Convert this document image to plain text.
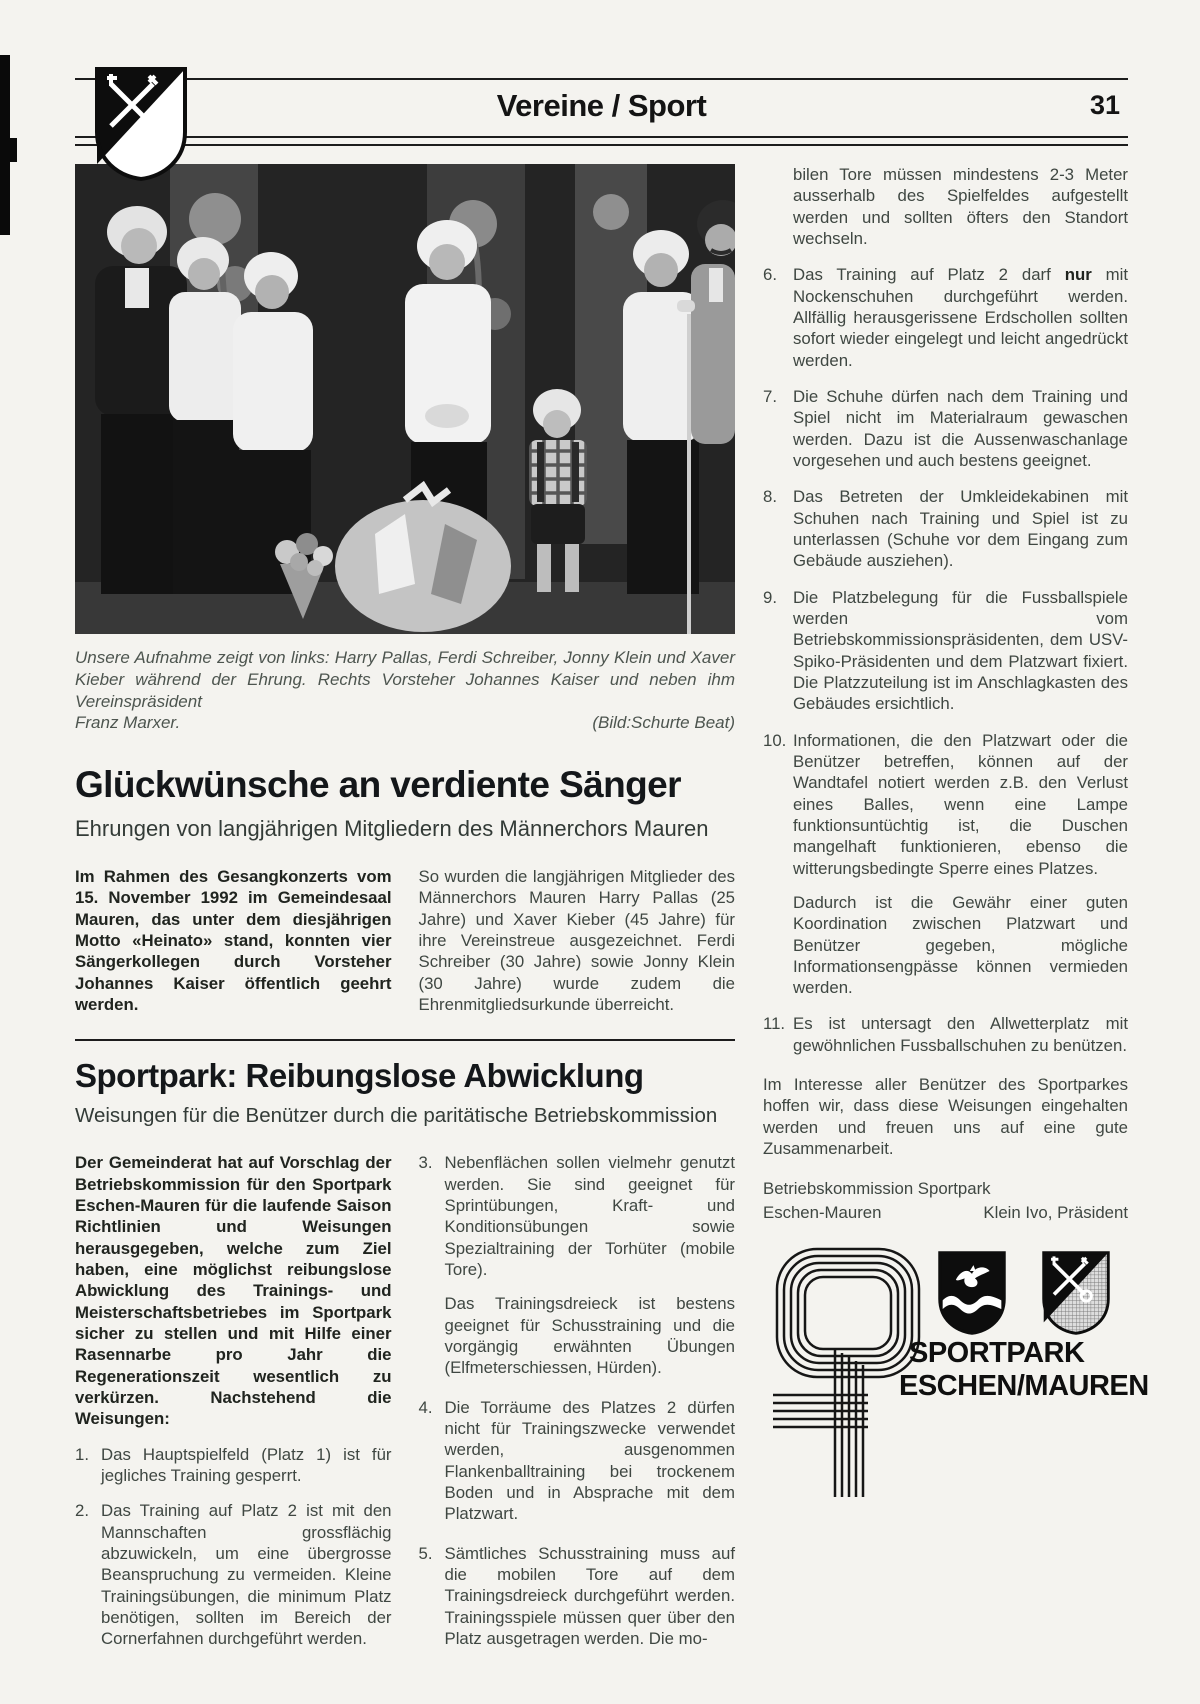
Vereine / Sport	31

Unsere Aufnahme zeigt von links: Harry Pallas, Ferdi Schreiber, Jonny Klein und Xaver Kieber während der Ehrung. Rechts Vorsteher Johannes Kaiser und neben ihm Vereinspräsident

Franz Marxer.	(Bild:Schurte Beat)
Glückwünsche an verdiente Sänger

Ehrungen von langjährigen Mitgliedern des Männerchors Mauren

Im Rahmen des Gesangkonzerts vom 15. November 1992 im Gemeindesaal Mauren, das unter dem diesjährigen Motto «Heinato» stand, konnten vier Sängerkollegen durch Vorsteher Johannes Kaiser öffentlich geehrt werden.

So wurden die langjährigen Mitglieder des Männerchors Mauren Harry Pallas (25 Jahre) und Xaver Kieber (45 Jahre) für ihre Vereinstreue ausgezeichnet. Ferdi Schreiber (30 Jahre) sowie Jonny Klein (30 Jahre) wurde zudem die Ehrenmitgliedsurkunde überreicht.

Sportpark: Reibungslose Abwicklung

Weisungen für die Benützer durch die paritätische Betriebskommission

Der Gemeinderat hat auf Vorschlag der Betriebskommission für den Sportpark Eschen-Mauren für die laufende Saison Richtlinien und Weisungen herausgegeben, welche zum Ziel haben, eine möglichst reibungslose Abwicklung des Trainings- und Meisterschaftsbetriebes im Sportpark sicher zu stellen und mit Hilfe einer Rasennarbe pro Jahr die Regenerationszeit wesentlich zu verkürzen. Nachstehend die Weisungen:

1. Das Hauptspielfeld (Platz 1) ist für jegliches Training gesperrt.

2. Das Training auf Platz 2 ist mit den Mannschaften grossflächig abzuwickeln, um eine übergrosse Beanspruchung zu vermeiden. Kleine Trainingsübungen, die minimum Platz benötigen, sollten im Bereich der Cornerfahnen durchgeführt werden.

3. Nebenflächen sollen vielmehr genutzt werden. Sie sind geeignet für Sprintübungen, Kraft- und Konditionsübungen sowie Spezialtraining der Torhüter (mobile Tore).

Das Trainingsdreieck ist bestens geeignet für Schusstraining und die vorgängig erwähnten Übungen (Elfmeterschiessen, Hürden).

4. Die Torräume des Platzes 2 dürfen nicht für Trainingszwecke verwendet werden, ausgenommen Flankenballtraining bei trockenem Boden und in Absprache mit dem Platzwart.

5. Sämtliches Schusstraining muss auf die mobilen Tore auf dem Trainingsdreieck durchgeführt werden. Trainingsspiele müssen quer über den Platz ausgetragen werden. Die mo-

bilen Tore müssen mindestens 2-3 Meter ausserhalb des Spielfeldes aufgestellt werden und sollten öfters den Standort wechseln.

6. Das Training auf Platz 2 darf nur mit Nockenschuhen durchgeführt werden. Allfällig herausgerissene Erdschollen sollten sofort wieder eingelegt und leicht angedrückt werden.

7. Die Schuhe dürfen nach dem Training und Spiel nicht im Materialraum gewaschen werden. Dazu ist die Aussenwaschanlage vorgesehen und auch bestens geeignet.

8. Das Betreten der Umkleidekabinen mit Schuhen nach Training und Spiel ist zu unterlassen (Schuhe vor dem Eingang zum Gebäude ausziehen).

9. Die Platzbelegung für die Fussballspiele werden vom Betriebskommissionspräsidenten, dem USV-Spiko-Präsidenten und dem Platzwart fixiert. Die Platzzuteilung ist im Anschlagkasten des Gebäudes ersichtlich.

10. Informationen, die den Platzwart oder die Benützer betreffen, können auf der Wandtafel notiert werden z.B. den Verlust eines Balles, wenn eine Lampe funktionsuntüchtig ist, die Duschen mangelhaft funktionieren, ebenso die witterungsbedingte Sperre eines Platzes.

Dadurch ist die Gewähr einer guten Koordination zwischen Platzwart und Benützer gegeben, mögliche Informationsengpässe können vermieden werden.

11. Es ist untersagt den Allwetterplatz mit gewöhnlichen Fussballschuhen zu benützen.

Im Interesse aller Benützer des Sportparkes hoffen wir, dass diese Weisungen eingehalten werden und freuen uns auf eine gute Zusammenarbeit.

Betriebskommission Sportpark
Eschen-Mauren	Klein Ivo, Präsident
SPORTPARK
ESCHEN/MAUREN
